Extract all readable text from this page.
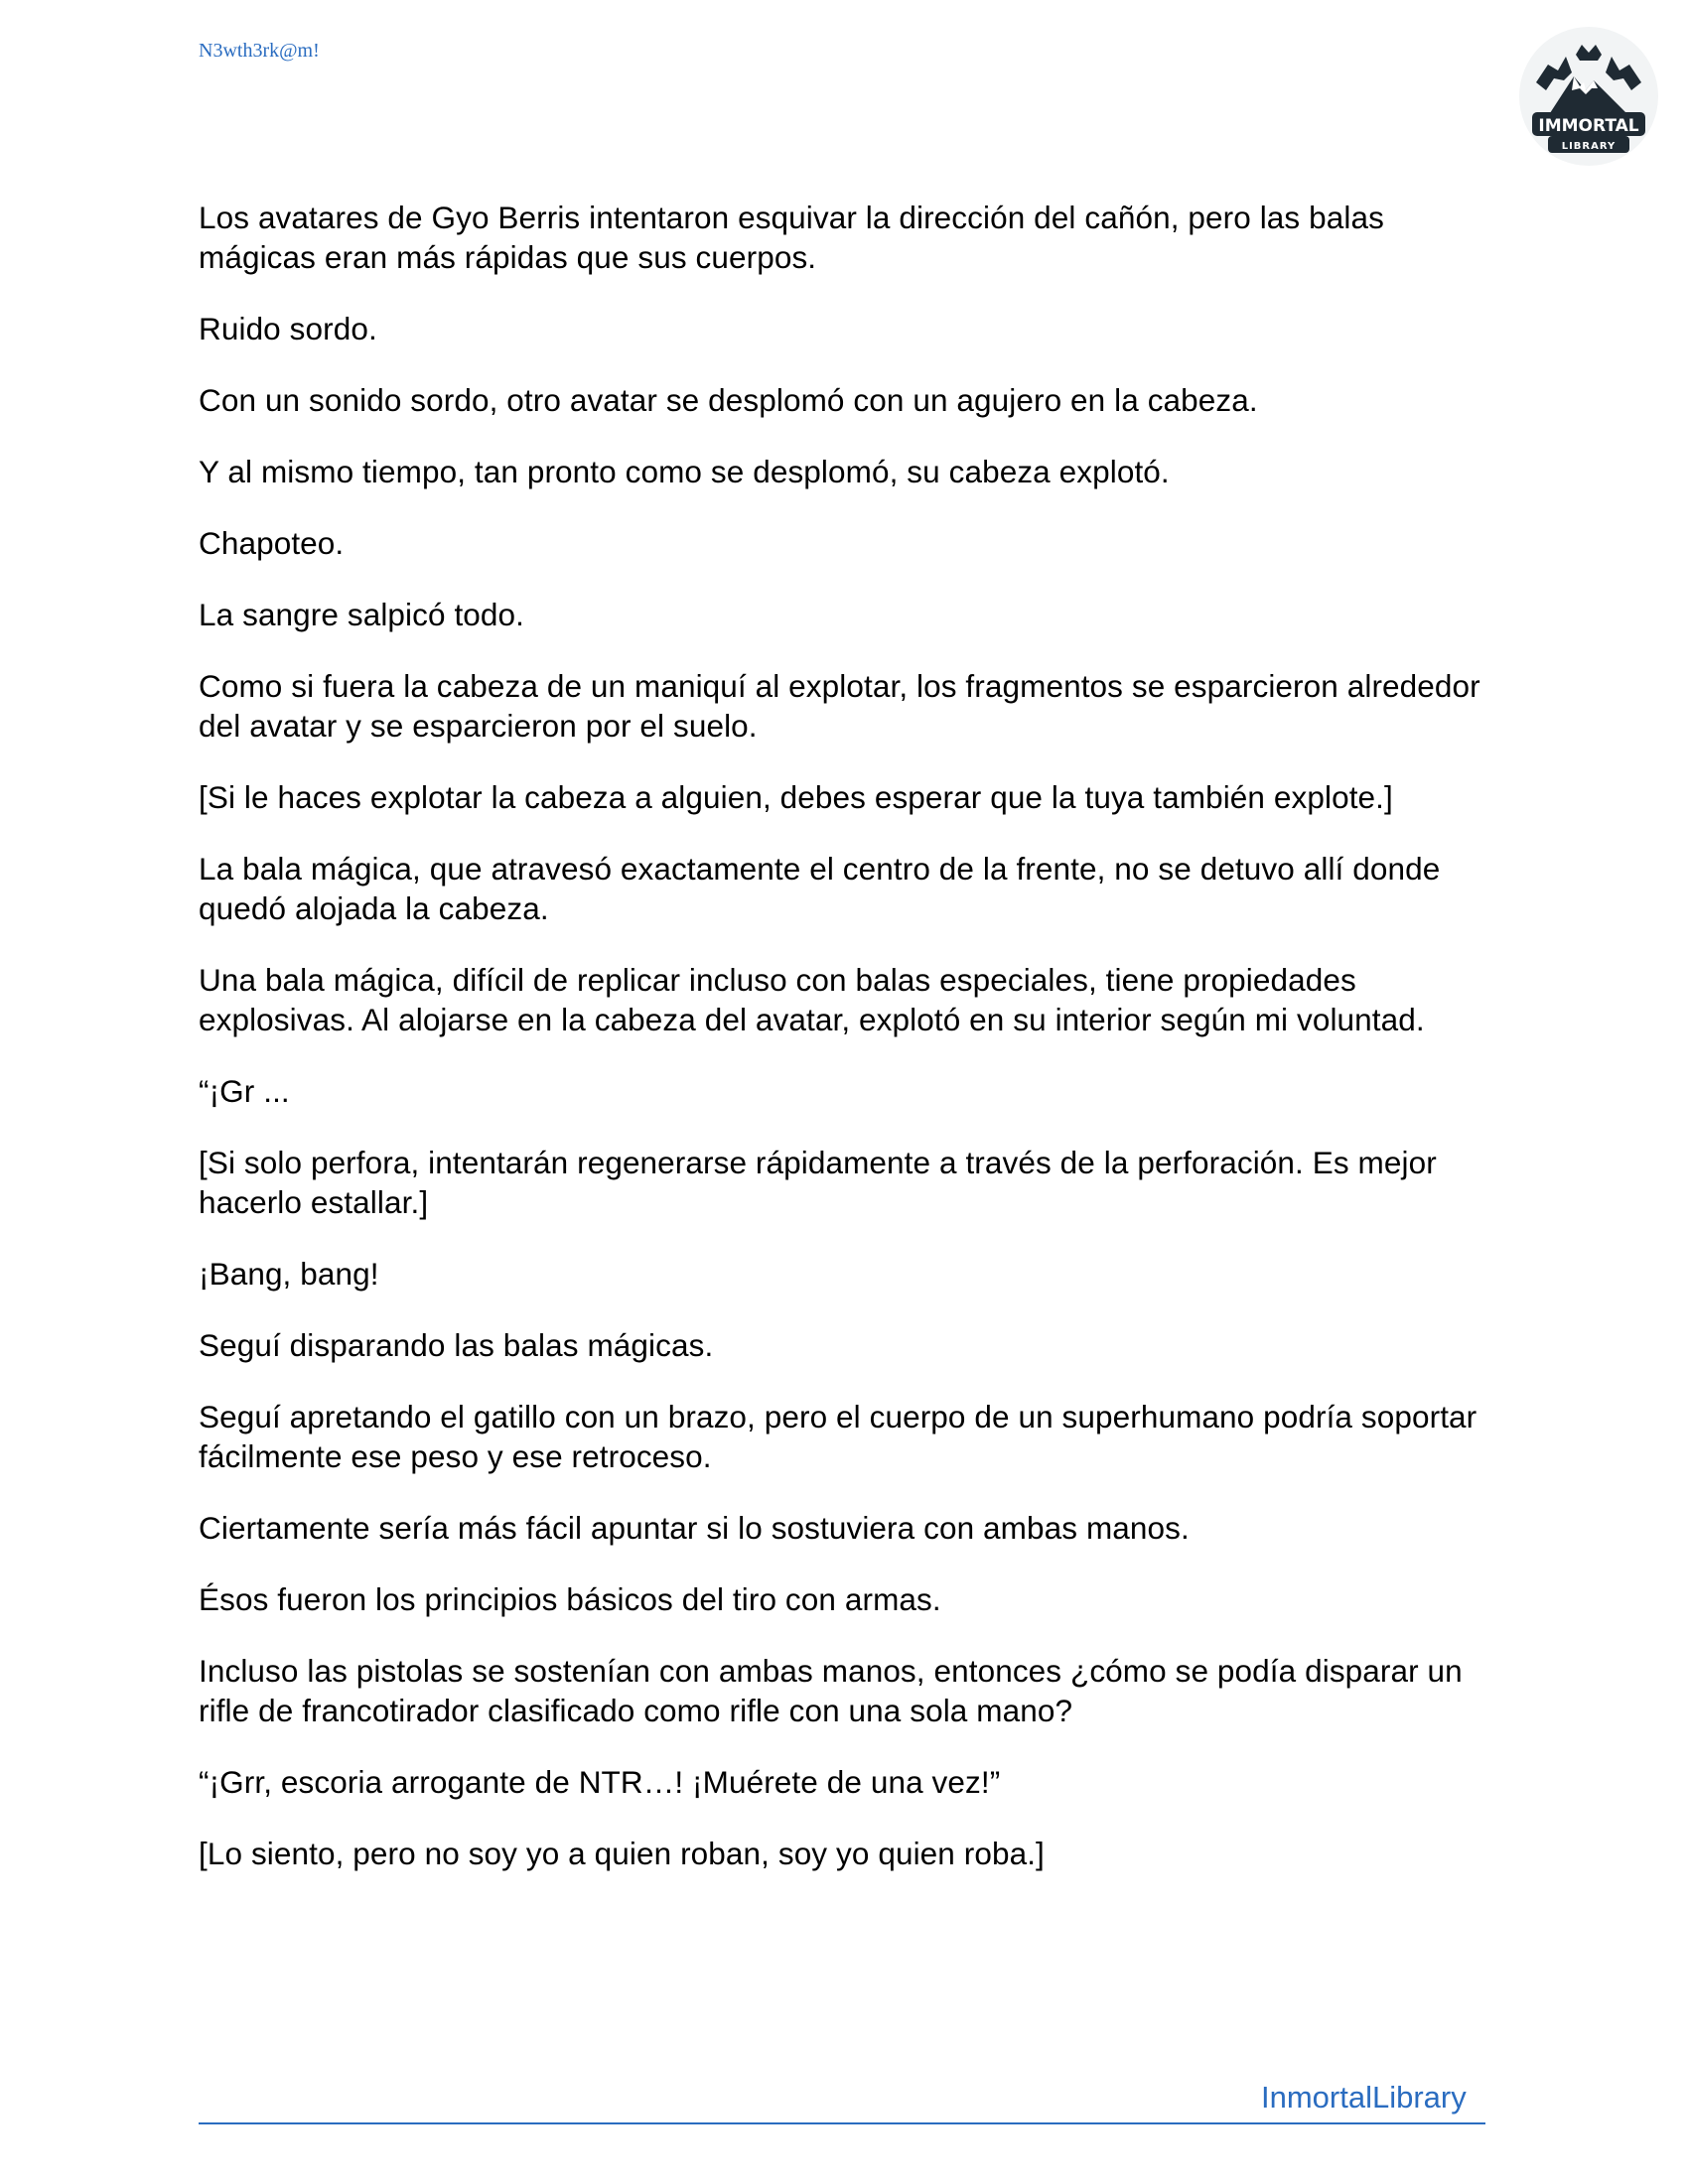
N3wth3rk@m!
IMMORTAL
LIBRARY

Los avatares de Gyo Berris intentaron esquivar la dirección del cañón, pero las balas mágicas eran más rápidas que sus cuerpos.

Ruido sordo.

Con un sonido sordo, otro avatar se desplomó con un agujero en la cabeza.

Y al mismo tiempo, tan pronto como se desplomó, su cabeza explotó.

Chapoteo.

La sangre salpicó todo.

Como si fuera la cabeza de un maniquí al explotar, los fragmentos se esparcieron alrededor del avatar y se esparcieron por el suelo.

[Si le haces explotar la cabeza a alguien, debes esperar que la tuya también explote.]

La bala mágica, que atravesó exactamente el centro de la frente, no se detuvo allí donde quedó alojada la cabeza.

Una bala mágica, difícil de replicar incluso con balas especiales, tiene propiedades explosivas. Al alojarse en la cabeza del avatar, explotó en su interior según mi voluntad.

“¡Gr ...

[Si solo perfora, intentarán regenerarse rápidamente a través de la perforación. Es mejor hacerlo estallar.]

¡Bang, bang!

Seguí disparando las balas mágicas.

Seguí apretando el gatillo con un brazo, pero el cuerpo de un superhumano podría soportar fácilmente ese peso y ese retroceso.

Ciertamente sería más fácil apuntar si lo sostuviera con ambas manos.

Ésos fueron los principios básicos del tiro con armas.

Incluso las pistolas se sostenían con ambas manos, entonces ¿cómo se podía disparar un rifle de francotirador clasificado como rifle con una sola mano?

“¡Grr, escoria arrogante de NTR…! ¡Muérete de una vez!”

[Lo siento, pero no soy yo a quien roban, soy yo quien roba.]

InmortalLibrary
